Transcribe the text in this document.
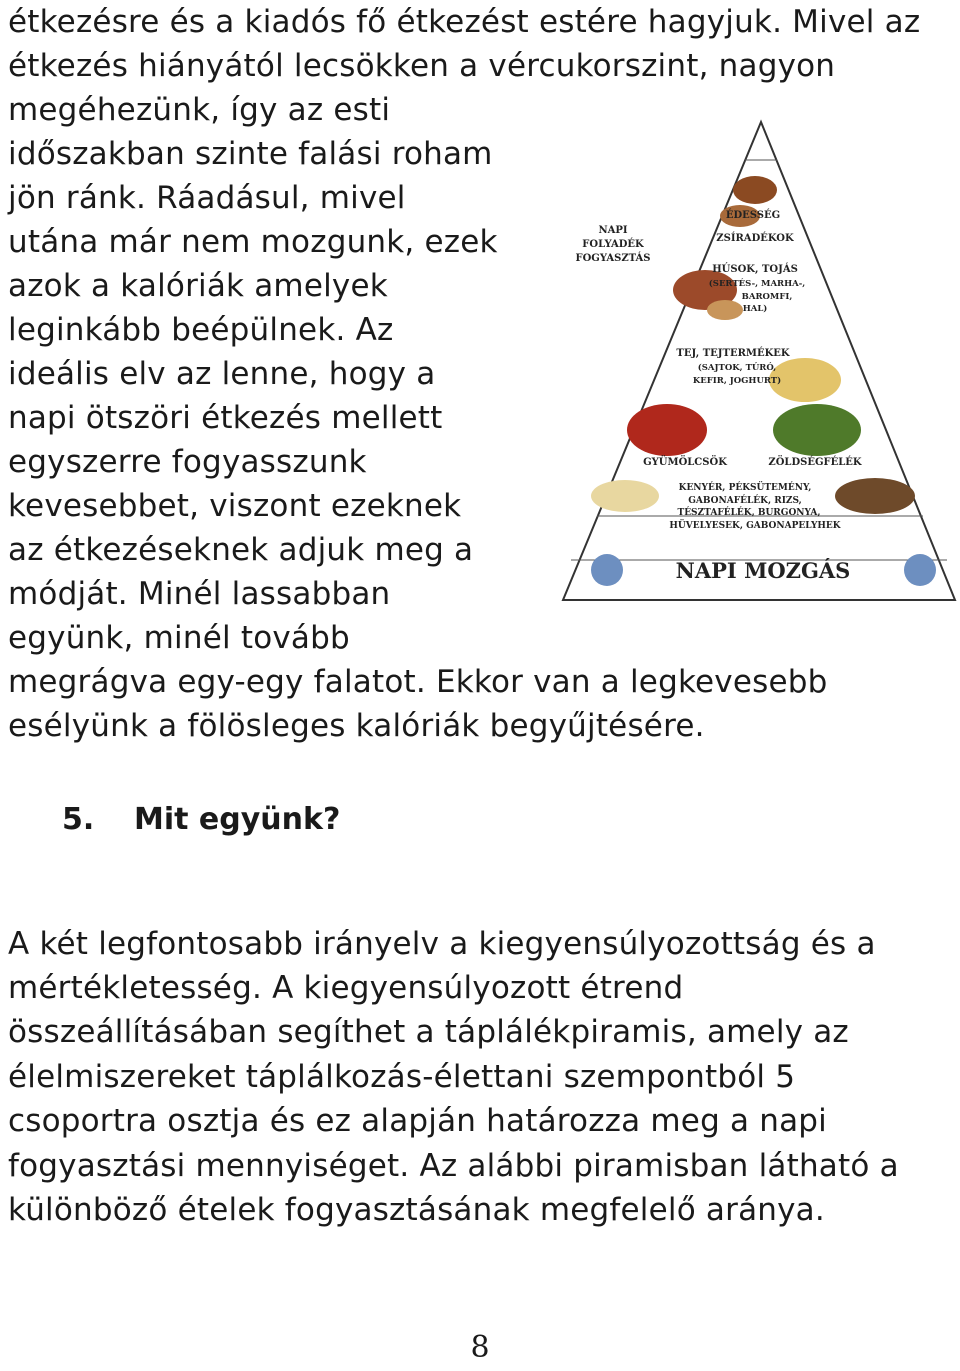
étkezésre és a kiadós fő étkezést estére hagyjuk. Mivel az
étkezés hiányától lecsökken a vércukorszint, nagyon
megéhezünk, így az esti
időszakban szinte falási roham
jön ránk. Ráadásul, mivel
utána már nem mozgunk, ezek
azok a kalóriák amelyek
leginkább beépülnek. Az
ideális elv az lenne, hogy a
napi ötszöri étkezés mellett
egyszerre fogyasszunk
kevesebbet, viszont ezeknek
az étkezéseknek adjuk meg a
módját. Minél lassabban
együnk, minél tovább
megrágva egy-egy falatot. Ekkor van a legkevesebb
esélyünk a fölösleges kalóriák begyűjtésére.
NAPI
FOLYADÉK
FOGYASZTÁS
ÉDESSÉG
ZSÍRADÉKOK
HÚSOK, TOJÁS
(SERTÉS-, MARHA-,
BAROMFI,
HAL)
TEJ, TEJTERMÉKEK
(SAJTOK, TÚRÓ,
KEFIR, JOGHURT)
GYÜMÖLCSÖK	ZÖLDSÉGFÉLÉK
KENYÉR, PÉKSÜTEMÉNY,
GABONAFÉLÉK, RIZS,
TÉSZTAFÉLÉK, BURGONYA,
HÜVELYESEK, GABONAPELYHEK
NAPI MOZGÁS
5. Mit együnk?
A két legfontosabb irányelv a kiegyensúlyozottság és a
mértékletesség. A kiegyensúlyozott étrend
összeállításában segíthet a táplálékpiramis, amely az
élelmiszereket táplálkozás-élettani szempontból 5
csoportra osztja és ez alapján határozza meg a napi
fogyasztási mennyiséget. Az alábbi piramisban látható a
különböző ételek fogyasztásának megfelelő aránya.
8
